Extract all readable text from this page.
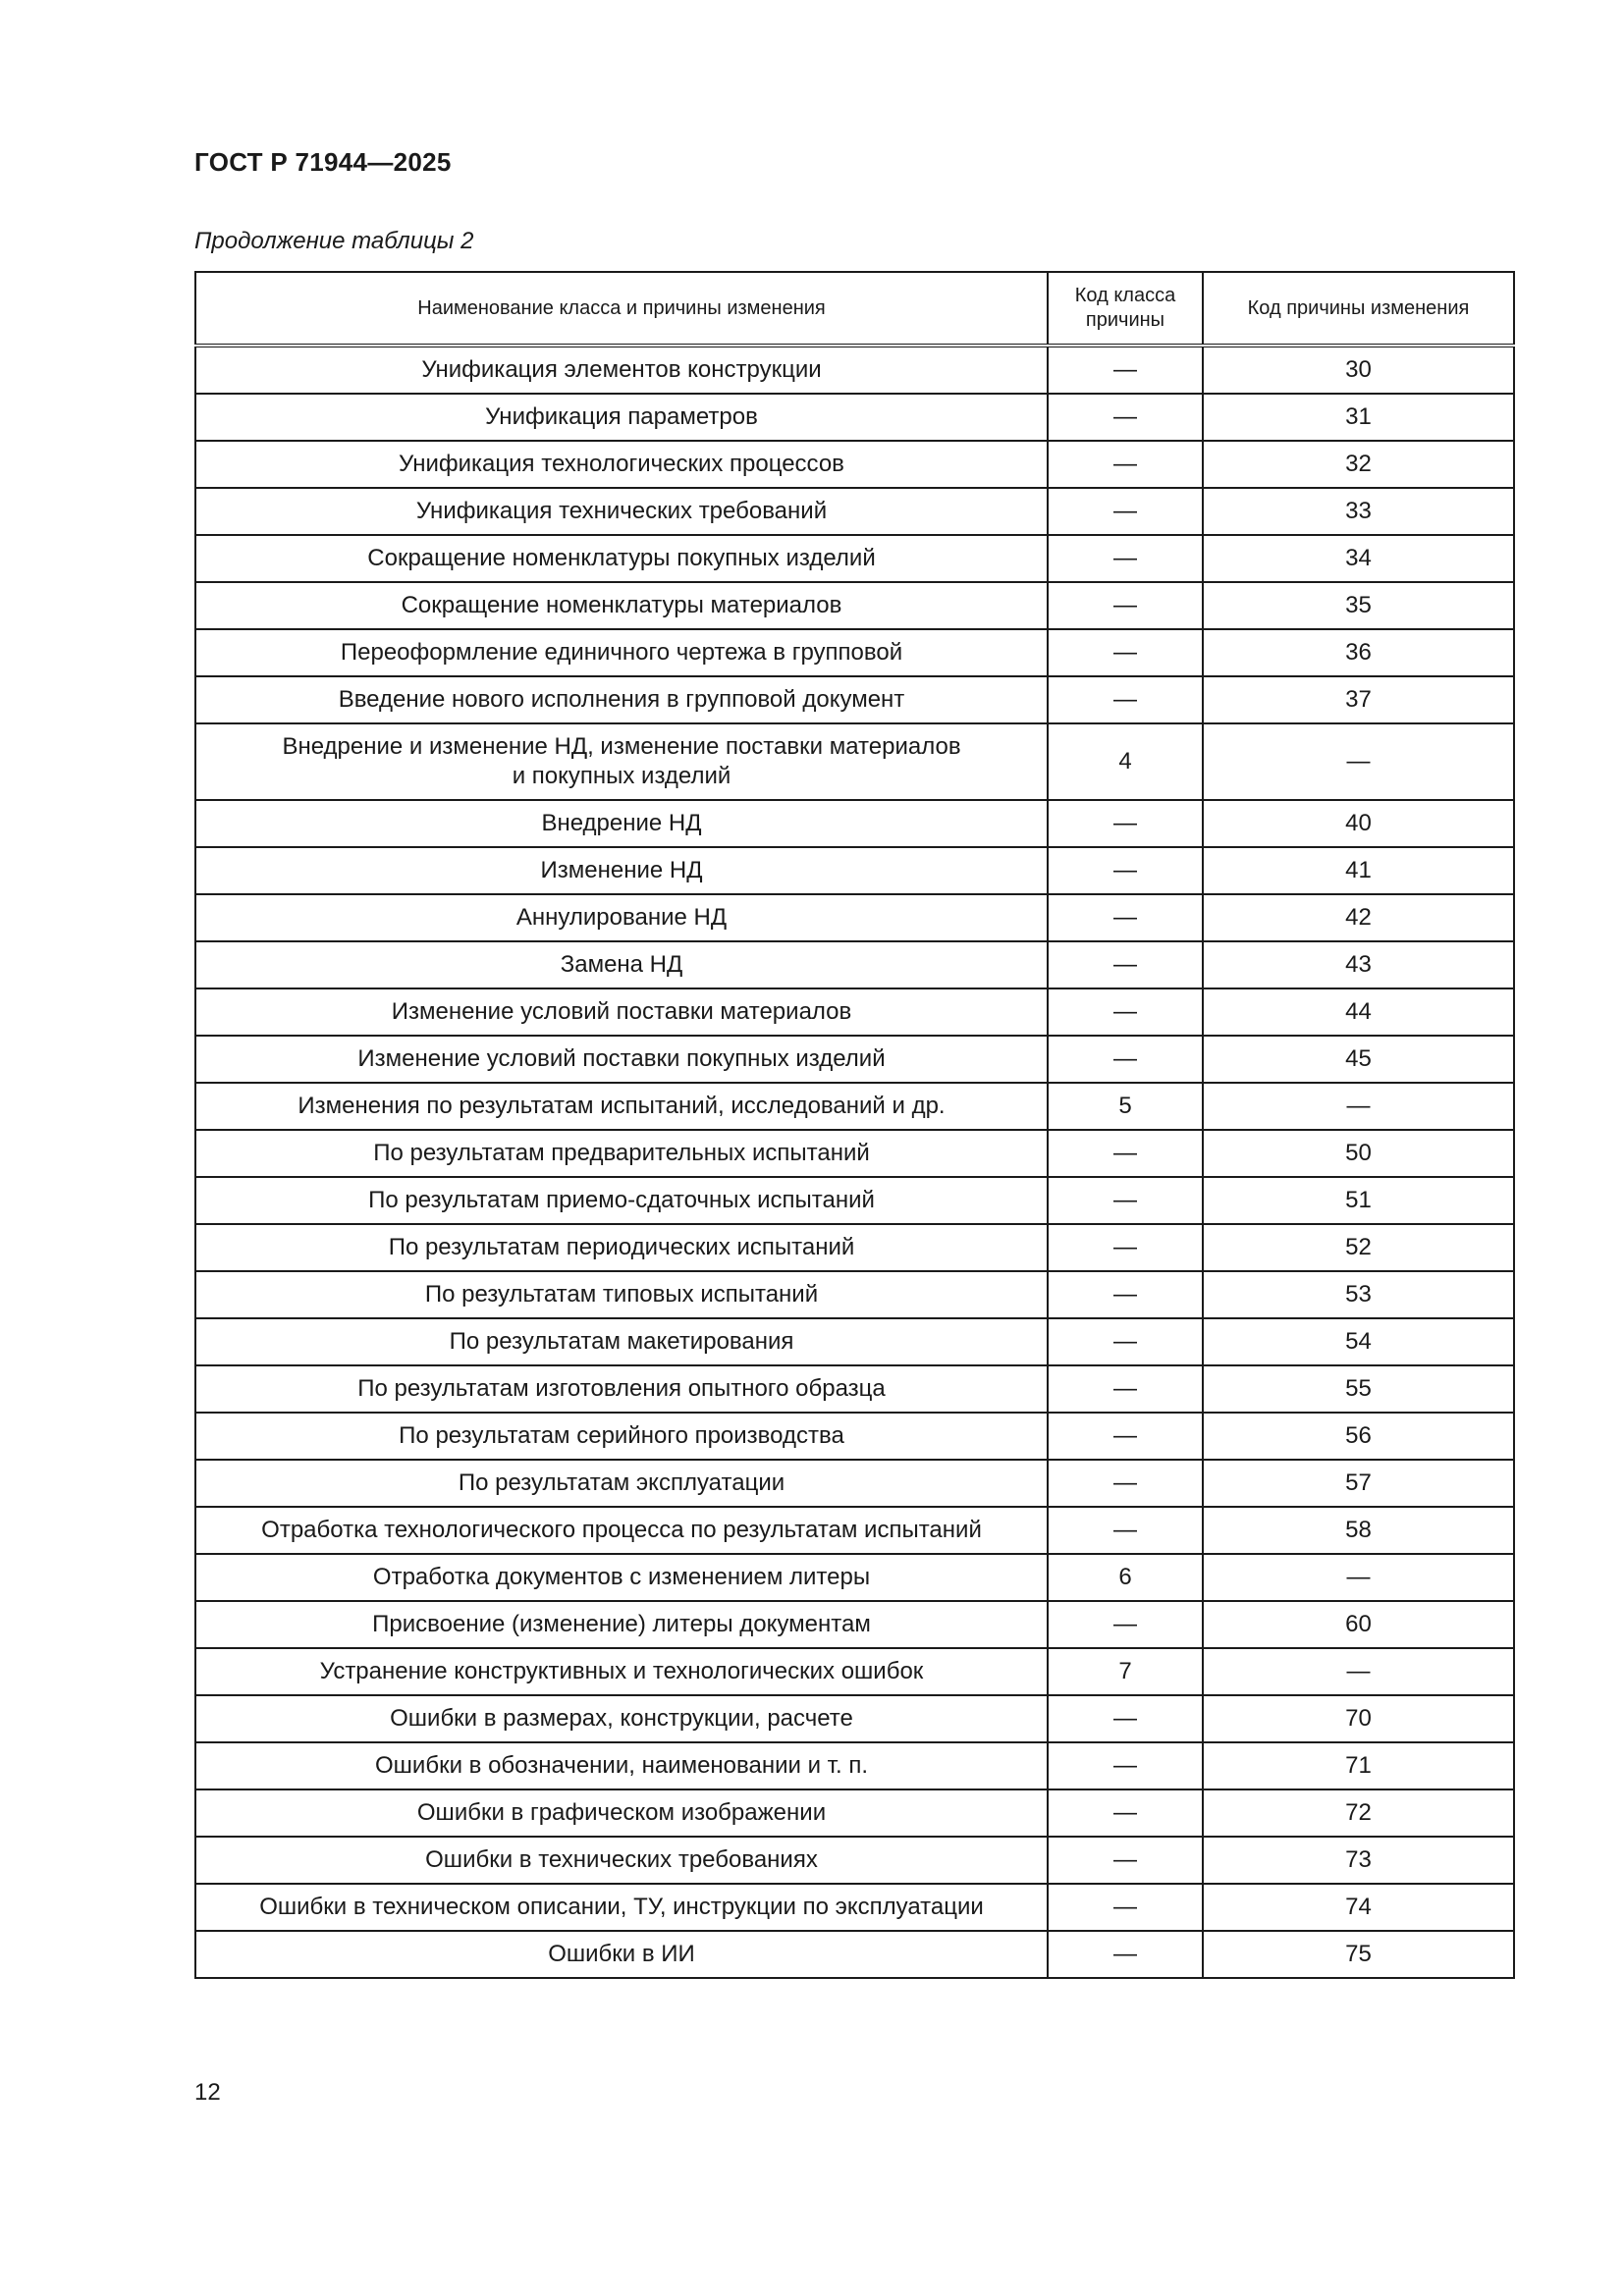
ГОСТ Р 71944—2025
Продолжение таблицы 2
Наименование класса и причины изменения	Код класса причины	Код причины изменения
Унификация элементов конструкции	—	30
Унификация параметров	—	31
Унификация технологических процессов	—	32
Унификация технических требований	—	33
Сокращение номенклатуры покупных изделий	—	34
Сокращение номенклатуры материалов	—	35
Переоформление единичного чертежа в групповой	—	36
Введение нового исполнения в групповой документ	—	37
Внедрение и изменение НД, изменение поставки материалов
и покупных изделий	4	—
Внедрение НД	—	40
Изменение НД	—	41
Аннулирование НД	—	42
Замена НД	—	43
Изменение условий поставки материалов	—	44
Изменение условий поставки покупных изделий	—	45
Изменения по результатам испытаний, исследований и др.	5	—
По результатам предварительных испытаний	—	50
По результатам приемо-сдаточных испытаний	—	51
По результатам периодических испытаний	—	52
По результатам типовых испытаний	—	53
По результатам макетирования	—	54
По результатам изготовления опытного образца	—	55
По результатам серийного производства	—	56
По результатам эксплуатации	—	57
Отработка технологического процесса по результатам испытаний	—	58
Отработка документов с изменением литеры	6	—
Присвоение (изменение) литеры документам	—	60
Устранение конструктивных и технологических ошибок	7	—
Ошибки в размерах, конструкции, расчете	—	70
Ошибки в обозначении, наименовании и т. п.	—	71
Ошибки в графическом изображении	—	72
Ошибки в технических требованиях	—	73
Ошибки в техническом описании, ТУ, инструкции по эксплуатации	—	74
Ошибки в ИИ	—	75
12
